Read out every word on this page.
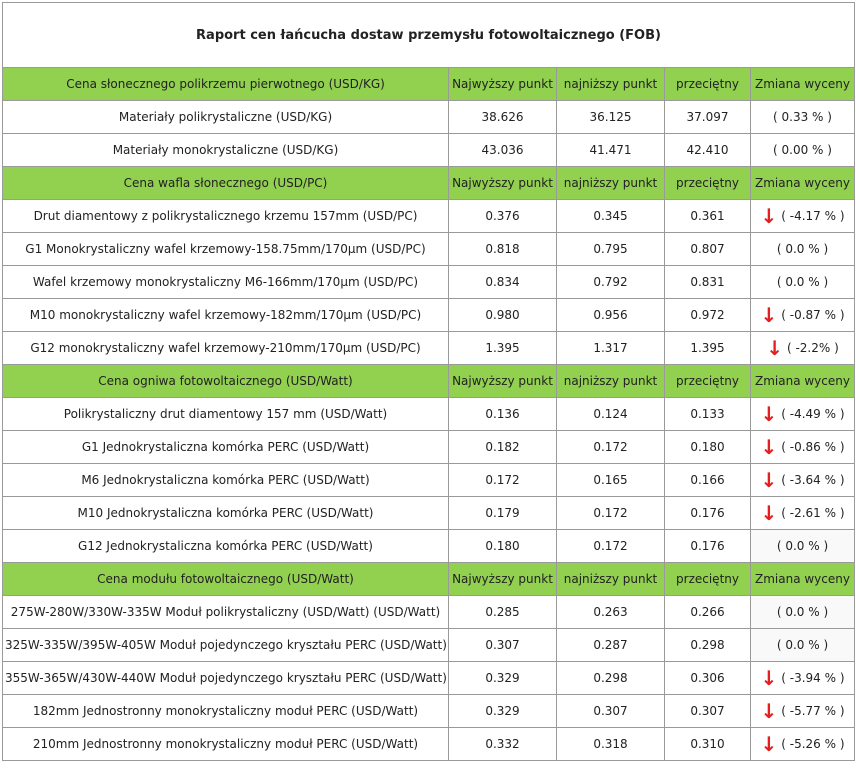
Raport cen łańcucha dostaw przemysłu fotowoltaicznego (FOB)				
Cena słonecznego polikrzemu pierwotnego (USD/KG)	Najwyższy punkt	najniższy punkt	przeciętny	Zmiana wyceny
Materiały polikrystaliczne (USD/KG)	38.626	36.125	37.097	( 0.33 % )

Materiały monokrystaliczne (USD/KG)	43.036	41.471	42.410	( 0.00 % )

Cena wafla słonecznego (USD/PC)	Najwyższy punkt	najniższy punkt	przeciętny	Zmiana wyceny
Drut diamentowy z polikrystalicznego krzemu 157mm (USD/PC)	0.376	0.345	0.361	↓ ( -4.17 % )

G1 Monokrystaliczny wafel krzemowy-158.75mm/170μm (USD/PC)	0.818	0.795	0.807	( 0.0 % )

Wafel krzemowy monokrystaliczny M6-166mm/170μm (USD/PC)	0.834	0.792	0.831	( 0.0 % )

M10 monokrystaliczny wafel krzemowy-182mm/170μm (USD/PC)	0.980	0.956	0.972	↓ ( -0.87 % )

G12 monokrystaliczny wafel krzemowy-210mm/170μm (USD/PC)	1.395	1.317	1.395	↓ ( -2.2% )

Cena ogniwa fotowoltaicznego (USD/Watt)	Najwyższy punkt	najniższy punkt	przeciętny	Zmiana wyceny
Polikrystaliczny drut diamentowy 157 mm (USD/Watt)	0.136	0.124	0.133	↓ ( -4.49 % )

G1 Jednokrystaliczna komórka PERC (USD/Watt)	0.182	0.172	0.180	↓ ( -0.86 % )

M6 Jednokrystaliczna komórka PERC (USD/Watt)	0.172	0.165	0.166	↓ ( -3.64 % )

M10 Jednokrystaliczna komórka PERC (USD/Watt)	0.179	0.172	0.176	↓ ( -2.61 % )

G12 Jednokrystaliczna komórka PERC (USD/Watt)	0.180	0.172	0.176	( 0.0 % )

Cena modułu fotowoltaicznego (USD/Watt)	Najwyższy punkt	najniższy punkt	przeciętny	Zmiana wyceny
275W-280W/330W-335W Moduł polikrystaliczny (USD/Watt) (USD/Watt)	0.285	0.263	0.266	( 0.0 % )

325W-335W/395W-405W Moduł pojedynczego kryształu PERC (USD/Watt)	0.307	0.287	0.298	( 0.0 % )

355W-365W/430W-440W Moduł pojedynczego kryształu PERC (USD/Watt)	0.329	0.298	0.306	↓ ( -3.94 % )

182mm Jednostronny monokrystaliczny moduł PERC (USD/Watt)	0.329	0.307	0.307	↓ ( -5.77 % )

210mm Jednostronny monokrystaliczny moduł PERC (USD/Watt)	0.332	0.318	0.310	↓ ( -5.26 % )
